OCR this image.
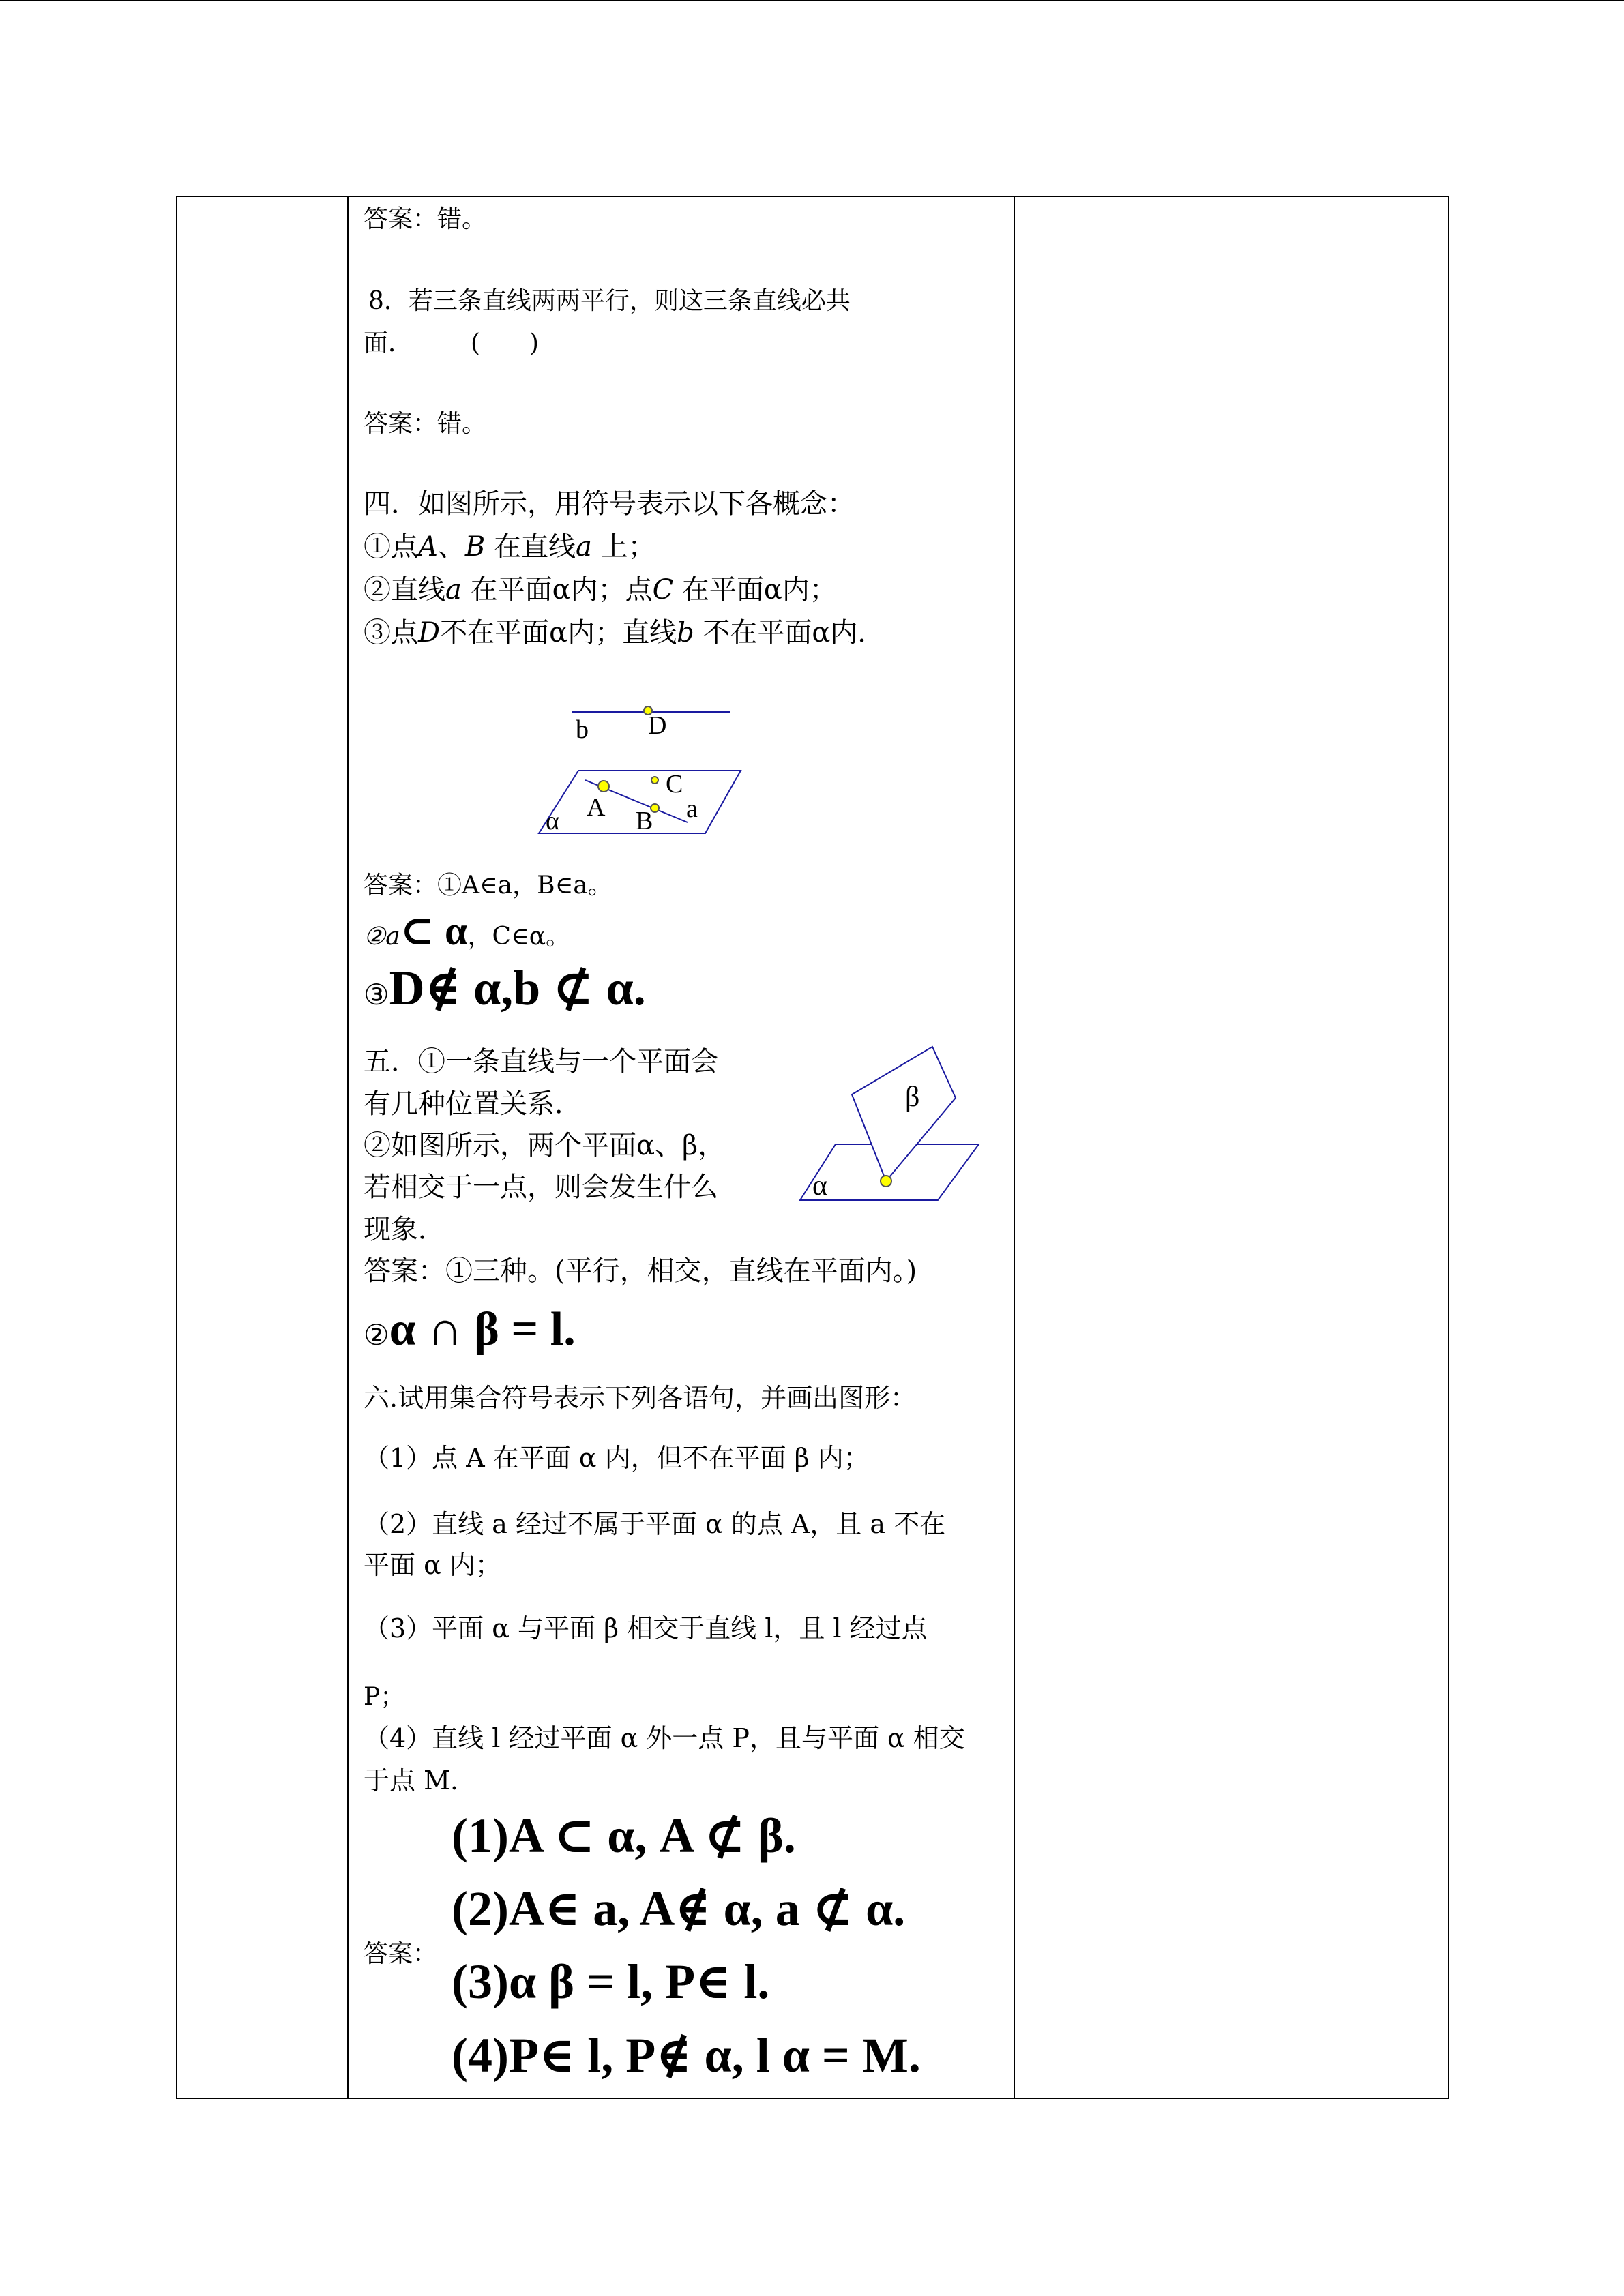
答案：错。
8．若三条直线两两平行，则这三条直线必共
面． (　　)
答案：错。
四．如图所示，用符号表示以下各概念：
①点A、B 在直线a 上；
②直线a 在平面α内；点C 在平面α内；
③点D不在平面α内；直线b 不在平面α内．
b D
C
A B a
α
答案：①A∈a，B∈a。
②a⊂ α，C∈α。
③D∉ α,b ⊄ α.
五．①一条直线与一个平面会
有几种位置关系．
②如图所示，两个平面α、β，
若相交于一点，则会发生什么
现象．
β
α
答案：①三种。(平行，相交，直线在平面内。)
②α ∩ β = l.
六.试用集合符号表示下列各语句，并画出图形：
（1）点 A 在平面 α 内，但不在平面 β 内；
（2）直线 a 经过不属于平面 α 的点 A，且 a 不在
平面 α 内；
（3）平面 α 与平面 β 相交于直线 l，且 l 经过点
P；
（4）直线 l 经过平面 α 外一点 P，且与平面 α 相交
于点 M.
答案：
(1)A ⊂ α, A ⊄ β.
(2)A∈ a, A∉ α, a ⊄ α.
(3)α β = l, P∈ l.
(4)P∈ l, P∉ α, l α = M.
